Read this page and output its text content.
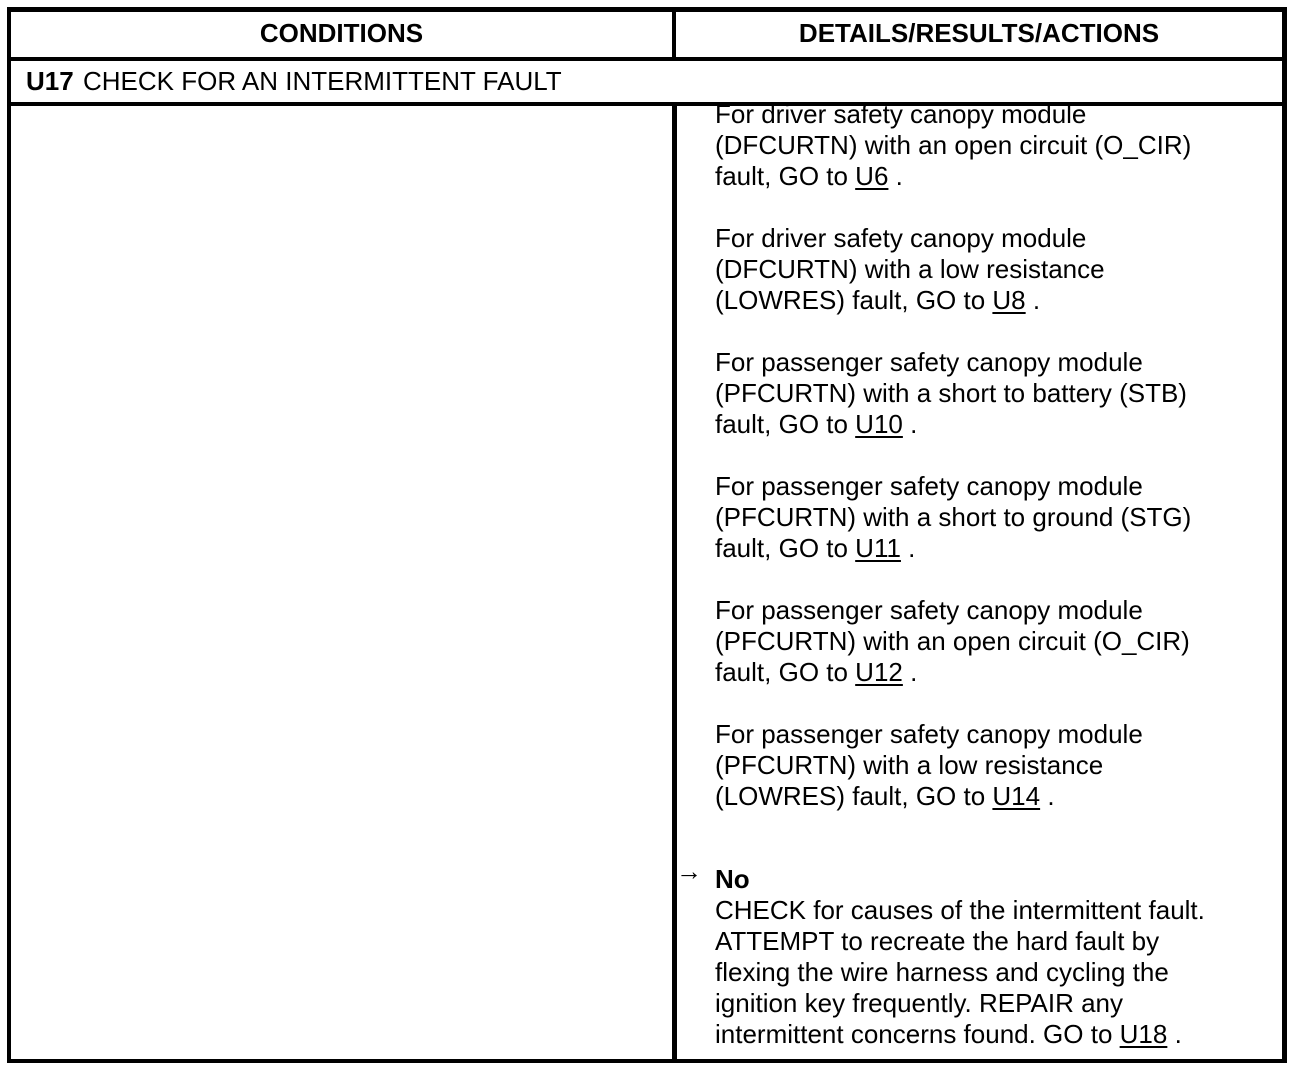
CONDITIONS	DETAILS/RESULTS/ACTIONS
U17 CHECK FOR AN INTERMITTENT FAULT
For driver safety canopy module
(DFCURTN) with an open circuit (O_CIR)
fault, GO to U6 .
For driver safety canopy module
(DFCURTN) with a low resistance
(LOWRES) fault, GO to U8 .
For passenger safety canopy module
(PFCURTN) with a short to battery (STB)
fault, GO to U10 .
For passenger safety canopy module
(PFCURTN) with a short to ground (STG)
fault, GO to U11 .
For passenger safety canopy module
(PFCURTN) with an open circuit (O_CIR)
fault, GO to U12 .
For passenger safety canopy module
(PFCURTN) with a low resistance
(LOWRES) fault, GO to U14 .
→ No
CHECK for causes of the intermittent fault.
ATTEMPT to recreate the hard fault by
flexing the wire harness and cycling the
ignition key frequently. REPAIR any
intermittent concerns found. GO to U18 .
